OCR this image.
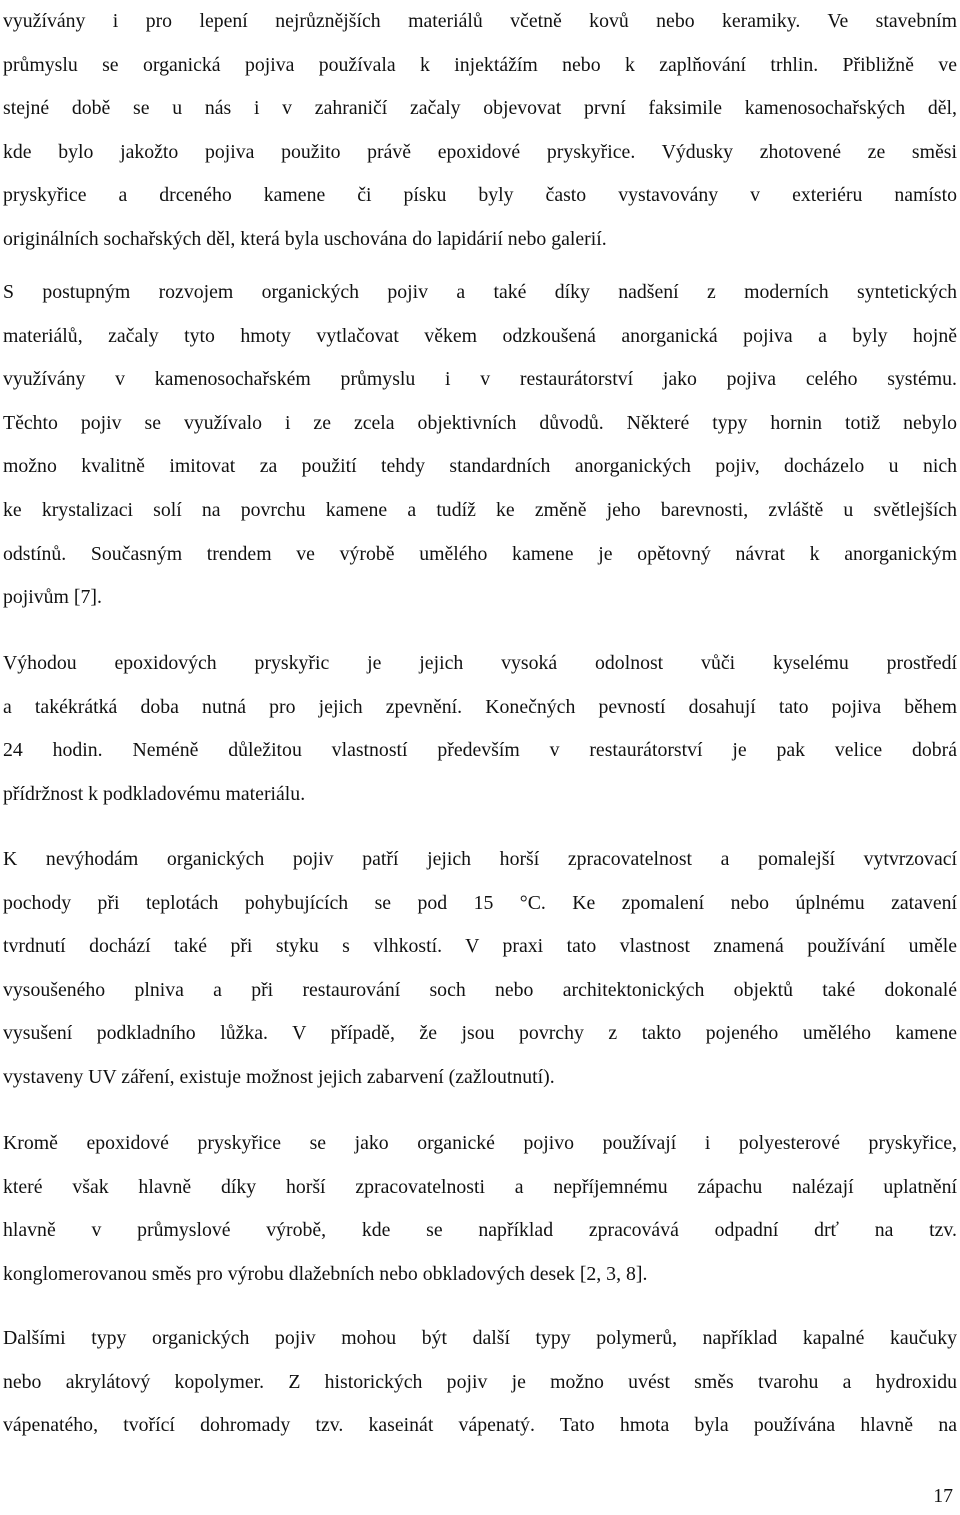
využívány i pro lepení nejrůznějších materiálů včetně kovů nebo keramiky. Ve stavebním
průmyslu se organická pojiva používala k injektážím nebo k zaplňování trhlin. Přibližně ve
stejné době se u nás i v zahraničí začaly objevovat první faksimile kamenosochařských děl,
kde bylo jakožto pojiva použito právě epoxidové pryskyřice. Výdusky zhotovené ze směsi
pryskyřice a drceného kamene či písku byly často vystavovány v exteriéru namísto
originálních sochařských děl, která byla uschována do lapidárií nebo galerií.

S postupným rozvojem organických pojiv a také díky nadšení z moderních syntetických
materiálů, začaly tyto hmoty vytlačovat věkem odzkoušená anorganická pojiva a byly hojně
využívány v kamenosochařském průmyslu i v restaurátorství jako pojiva celého systému.
Těchto pojiv se využívalo i ze zcela objektivních důvodů. Některé typy hornin totiž nebylo
možno kvalitně imitovat za použití tehdy standardních anorganických pojiv, docházelo u nich
ke krystalizaci solí na povrchu kamene a tudíž ke změně jeho barevnosti, zvláště u světlejších
odstínů. Současným trendem ve výrobě umělého kamene je opětovný návrat k anorganickým
pojivům [7].

Výhodou epoxidových pryskyřic je jejich vysoká odolnost vůči kyselému prostředí
a takékrátká doba nutná pro jejich zpevnění. Konečných pevností dosahují tato pojiva během
24 hodin. Neméně důležitou vlastností především v restaurátorství je pak velice dobrá
přídržnost k podkladovému materiálu.

K nevýhodám organických pojiv patří jejich horší zpracovatelnost a pomalejší vytvrzovací
pochody při teplotách pohybujících se pod 15 °C. Ke zpomalení nebo úplnému zatavení
tvrdnutí dochází také při styku s vlhkostí. V praxi tato vlastnost znamená používání uměle
vysoušeného plniva a při restaurování soch nebo architektonických objektů také dokonalé
vysušení podkladního lůžka. V případě, že jsou povrchy z takto pojeného umělého kamene
vystaveny UV záření, existuje možnost jejich zabarvení (zažloutnutí).

Kromě epoxidové pryskyřice se jako organické pojivo používají i polyesterové pryskyřice,
které však hlavně díky horší zpracovatelnosti a nepříjemnému zápachu nalézají uplatnění
hlavně v průmyslové výrobě, kde se například zpracovává odpadní drť na tzv.
konglomerovanou směs pro výrobu dlažebních nebo obkladových desek [2, 3, 8].

Dalšími typy organických pojiv mohou být další typy polymerů, například kapalné kaučuky
nebo akrylátový kopolymer. Z historických pojiv je možno uvést směs tvarohu a hydroxidu
vápenatého, tvořící dohromady tzv. kaseinát vápenatý. Tato hmota byla používána hlavně na

17
